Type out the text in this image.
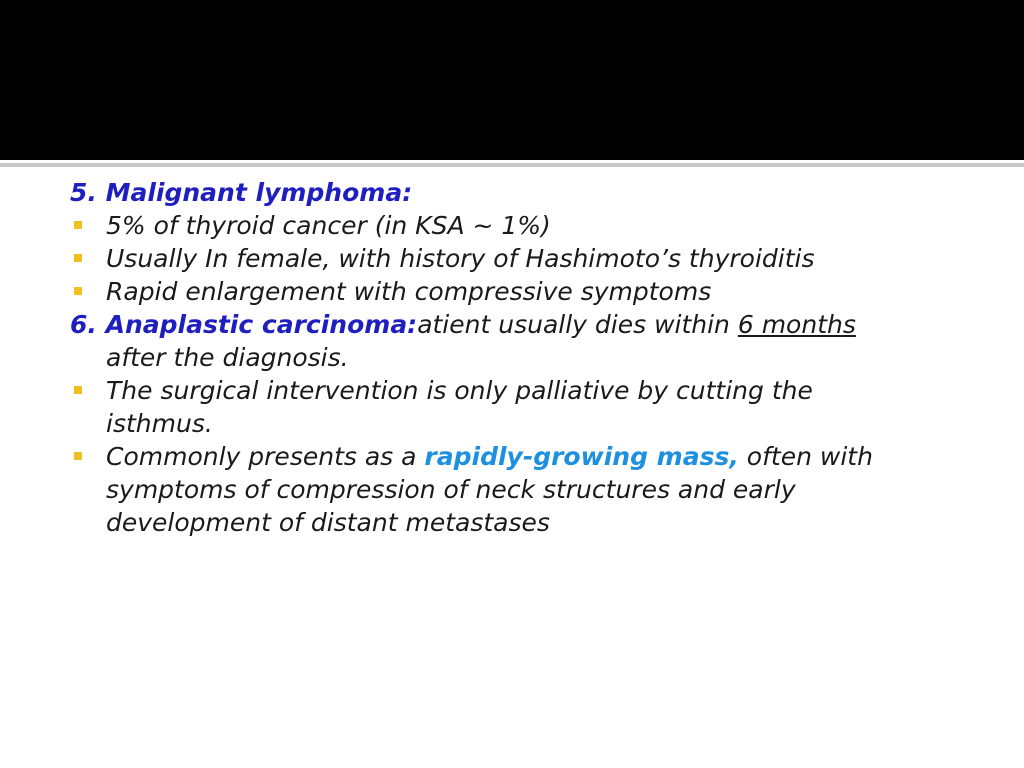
5. Malignant lymphoma:
5% of thyroid cancer (in KSA ~ 1%)
Usually In female, with history of Hashimoto’s thyroiditis
Rapid enlargement with compressive symptoms
6. Anaplastic carcinoma:atient usually dies within 6 months
after the diagnosis.
The surgical intervention is only palliative by cutting the
isthmus.
Commonly presents as a rapidly-growing mass, often with
symptoms of compression of neck structures and early
development of distant metastases
